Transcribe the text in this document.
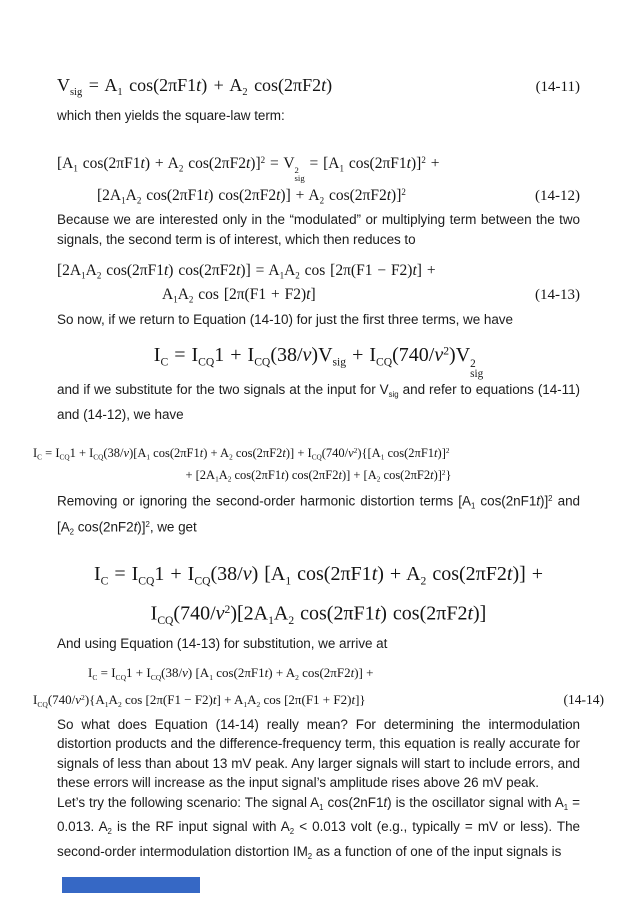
$V_{sig} = A_1$ $\cos(2\pi F1t) + A_2$ cos(2πF2t)	(14-11)

which then yields the square-law term:

[$A_1$ $\cos(2\pi F1t) + A_2$ cos(2πF2t)]$^2$ = V 2
sig
= [$A_1$ cos(2πF1t)]$^2$ +
[$2A_1A_2$ cos(2πF1t) $\cos(2\pi F2t)] + A_2$ cos(2πF2t)]$^2$	(14-12)

Because we are interested only in the “modulated” or multiplying term between the two signals, the second term is of interest, which then reduces to

[$2A_1A_2$ cos(2πF1t) $\cos(2\pi F2t)] = A_1A_2$ cos [2π(F1 − F2)t] +
$A_1A_2$ cos [2π(F1 + F2)t]	(14-13)

So now, if we return to Equation (14-10) for just the first three terms, we have

$I_C = I_{CQ}1 + I_{CQ}(38/v)V_{sig} + I_{CQ}(740/v^2)V$ 2
sig

and if we substitute for the two signals at the input for $V_{sig}$ and refer to equations (14-11) and (14-12), we have

$I_C = I_{CQ}1 + I_{CQ}(38/v)[A_1$ $\cos(2\pi F1t) + A_2$ $\cos(2\pi F2t)] + I_{CQ}(740/v^2)\{[A_1$ cos(2πF1t)]$^2$
+ [$2A_1A_2$ cos(2πF1t) $\cos(2\pi F2t)] + [A_2$ cos(2πF2t)]$^2$}

Removing or ignoring the second-order harmonic distortion terms [$A_1$ cos(2nF1t)]$^2$ and [$A_2$ cos(2nF2t)]$^2$, we get

$I_C = I_{CQ}1 + I_{CQ}(38/v)$ [$A_1$ $\cos(2\pi F1t) + A_2$ cos(2πF2t)] +
$I_{CQ}(740/v^2)[2A_1A_2$ cos(2πF1t) cos(2πF2t)]

And using Equation (14-13) for substitution, we arrive at

$I_C = I_{CQ}1 + I_{CQ}(38/v)$ [$A_1$ $\cos(2\pi F1t) + A_2$ cos(2πF2t)] +
$I_{CQ}(740/v^2)\{A_1A_2$ $\cos [2\pi(F1 - F2)t] + A_1A_2$ cos [2π(F1 + F2)t]}	(14-14)

So what does Equation (14-14) really mean? For determining the intermodulation distortion products and the difference-frequency term, this equation is really accurate for signals of less than about 13 mV peak. Any larger signals will start to include errors, and these errors will increase as the input signal’s amplitude rises above 26 mV peak.

Let’s try the following scenario: The signal $A_1$ cos(2nF1t) is the oscillator signal with $A_1 = 0.013$. $A_2$ is the RF input signal with $A_2 < 0.013$ volt (e.g., typically = mV or less). The second-order intermodulation distortion $IM_2$ as a function of one of the input signals is
